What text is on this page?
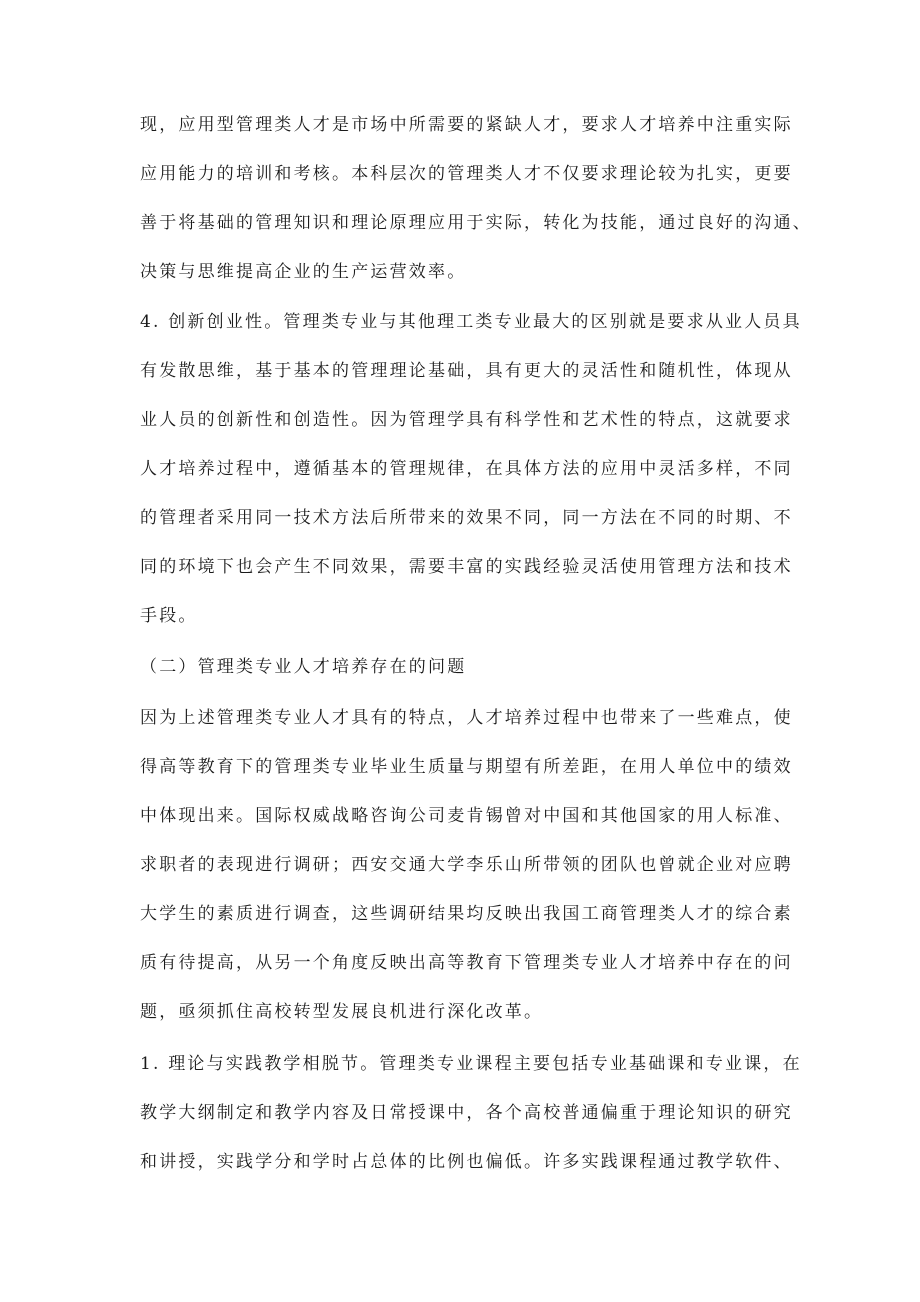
现，应用型管理类人才是市场中所需要的紧缺人才，要求人才培养中注重实际

应用能力的培训和考核。本科层次的管理类人才不仅要求理论较为扎实，更要

善于将基础的管理知识和理论原理应用于实际，转化为技能，通过良好的沟通、

决策与思维提高企业的生产运营效率。

4. 创新创业性。管理类专业与其他理工类专业最大的区别就是要求从业人员具

有发散思维，基于基本的管理理论基础，具有更大的灵活性和随机性，体现从

业人员的创新性和创造性。因为管理学具有科学性和艺术性的特点，这就要求

人才培养过程中，遵循基本的管理规律，在具体方法的应用中灵活多样，不同

的管理者采用同一技术方法后所带来的效果不同，同一方法在不同的时期、不

同的环境下也会产生不同效果，需要丰富的实践经验灵活使用管理方法和技术

手段。

（二）管理类专业人才培养存在的问题

因为上述管理类专业人才具有的特点，人才培养过程中也带来了一些难点，使

得高等教育下的管理类专业毕业生质量与期望有所差距，在用人单位中的绩效

中体现出来。国际权威战略咨询公司麦肯锡曾对中国和其他国家的用人标准、

求职者的表现进行调研；西安交通大学李乐山所带领的团队也曾就企业对应聘

大学生的素质进行调查，这些调研结果均反映出我国工商管理类人才的综合素

质有待提高，从另一个角度反映出高等教育下管理类专业人才培养中存在的问

题，亟须抓住高校转型发展良机进行深化改革。

1. 理论与实践教学相脱节。管理类专业课程主要包括专业基础课和专业课，在

教学大纲制定和教学内容及日常授课中，各个高校普通偏重于理论知识的研究

和讲授，实践学分和学时占总体的比例也偏低。许多实践课程通过教学软件、
